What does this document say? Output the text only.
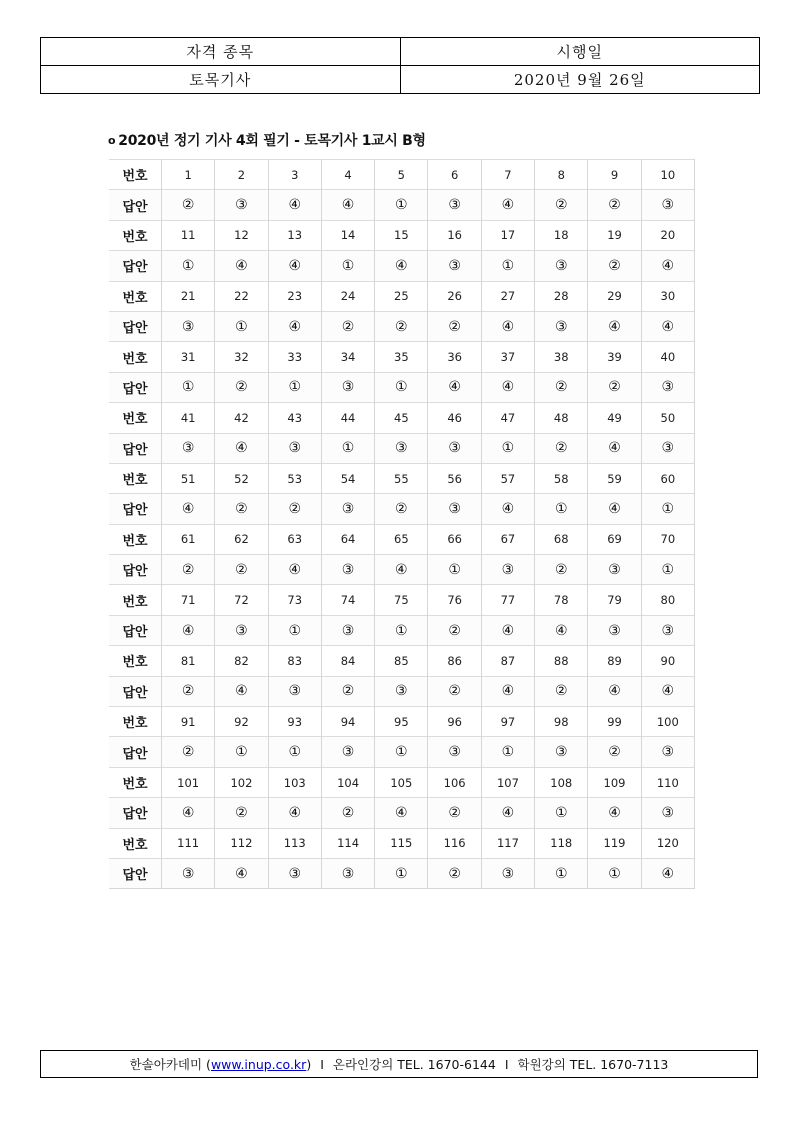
자격 종목	시행일
토목기사	2020년 9월 26일
o 2020년 정기 기사 4회 필기 - 토목기사 1교시 B형
번호	1	2	3	4	5	6	7	8	9	10
답안	②	③	④	④	①	③	④	②	②	③
번호	11	12	13	14	15	16	17	18	19	20
답안	①	④	④	①	④	③	①	③	②	④
번호	21	22	23	24	25	26	27	28	29	30
답안	③	①	④	②	②	②	④	③	④	④
번호	31	32	33	34	35	36	37	38	39	40
답안	①	②	①	③	①	④	④	②	②	③
번호	41	42	43	44	45	46	47	48	49	50
답안	③	④	③	①	③	③	①	②	④	③
번호	51	52	53	54	55	56	57	58	59	60
답안	④	②	②	③	②	③	④	①	④	①
번호	61	62	63	64	65	66	67	68	69	70
답안	②	②	④	③	④	①	③	②	③	①
번호	71	72	73	74	75	76	77	78	79	80
답안	④	③	①	③	①	②	④	④	③	③
번호	81	82	83	84	85	86	87	88	89	90
답안	②	④	③	②	③	②	④	②	④	④
번호	91	92	93	94	95	96	97	98	99	100
답안	②	①	①	③	①	③	①	③	②	③
번호	101	102	103	104	105	106	107	108	109	110
답안	④	②	④	②	④	②	④	①	④	③
번호	111	112	113	114	115	116	117	118	119	120
답안	③	④	③	③	①	②	③	①	①	④
한솔아카데미
( www.inup.co.kr ) I 온라인강의 TEL. 1670-6144 I 학원강의 TEL. 1670-7113
